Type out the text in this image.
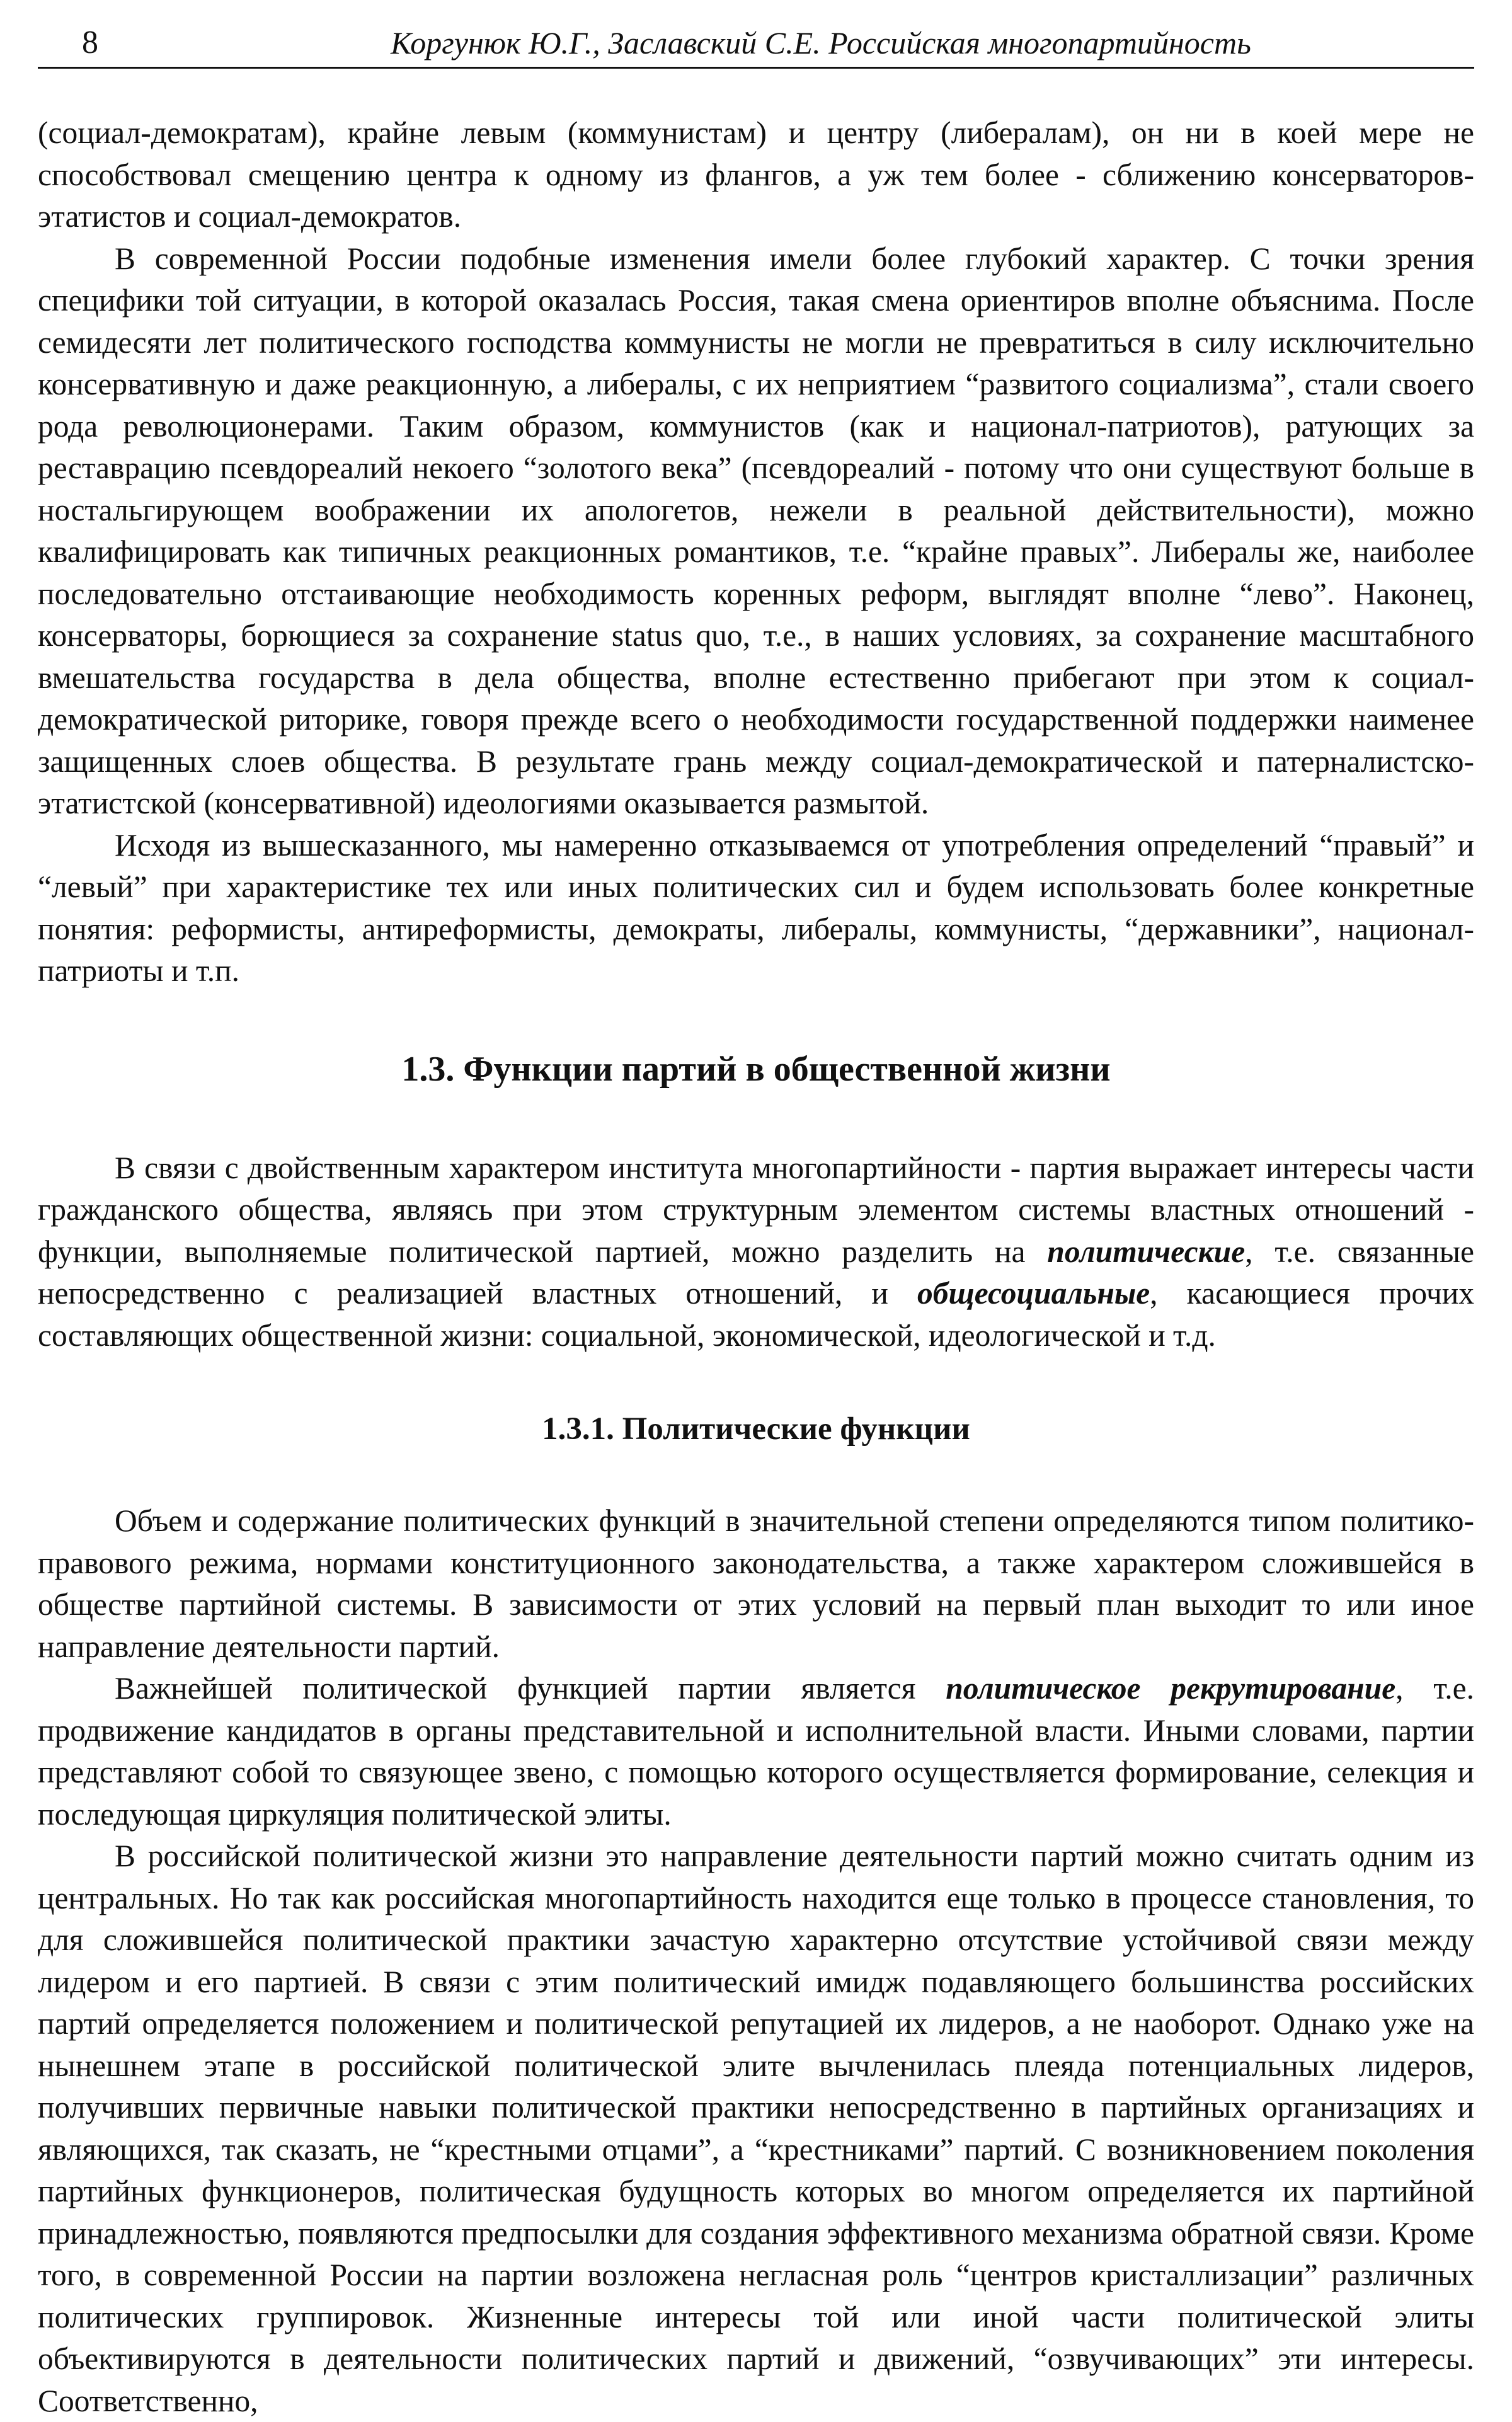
8	Коргунюк Ю.Г., Заславский С.Е. Российская многопартийность

(социал-демократам), крайне левым (коммунистам) и центру (либералам), он ни в коей мере не способствовал смещению центра к одному из флангов, а уж тем более - сближению консерваторов-этатистов и социал-демократов.

В современной России подобные изменения имели более глубокий характер. С точки зрения специфики той ситуации, в которой оказалась Россия, такая смена ориентиров вполне объяснима. После семидесяти лет политического господства коммунисты не могли не превратиться в силу исключительно консервативную и даже реакционную, а либералы, с их неприятием “развитого социализма”, стали своего рода революционерами. Таким образом, коммунистов (как и национал-патриотов), ратующих за реставрацию псевдореалий некоего “золотого века” (псевдореалий - потому что они существуют больше в ностальгирующем воображении их апологетов, нежели в реальной действительности), можно квалифицировать как типичных реакционных романтиков, т.е. “крайне правых”. Либералы же, наиболее последовательно отстаивающие необходимость коренных реформ, выглядят вполне “лево”. Наконец, консерваторы, борющиеся за сохранение status quo, т.е., в наших условиях, за сохранение масштабного вмешательства государства в дела общества, вполне естественно прибегают при этом к социал-демократической риторике, говоря прежде всего о необходимости государственной поддержки наименее защищенных слоев общества. В результате грань между социал-демократической и патерналистско-этатистской (консервативной) идеологиями оказывается размытой.

Исходя из вышесказанного, мы намеренно отказываемся от употребления определений “правый” и “левый” при характеристике тех или иных политических сил и будем использовать более конкретные понятия: реформисты, антиреформисты, демократы, либералы, коммунисты, “державники”, национал-патриоты и т.п.

1.3. Функции партий в общественной жизни

В связи с двойственным характером института многопартийности - партия выражает интересы части гражданского общества, являясь при этом структурным элементом системы властных отношений - функции, выполняемые политической партией, можно разделить на политические, т.е. связанные непосредственно с реализацией властных отношений, и общесоциальные, касающиеся прочих составляющих общественной жизни: социальной, экономической, идеологической и т.д.

1.3.1. Политические функции

Объем и содержание политических функций в значительной степени определяются типом политико-правового режима, нормами конституционного законодательства, а также характером сложившейся в обществе партийной системы. В зависимости от этих условий на первый план выходит то или иное направление деятельности партий.

Важнейшей политической функцией партии является политическое рекрутирование, т.е. продвижение кандидатов в органы представительной и исполнительной власти. Иными словами, партии представляют собой то связующее звено, с помощью которого осуществляется формирование, селекция и последующая циркуляция политической элиты.

В российской политической жизни это направление деятельности партий можно считать одним из центральных. Но так как российская многопартийность находится еще только в процессе становления, то для сложившейся политической практики зачастую характерно отсутствие устойчивой связи между лидером и его партией. В связи с этим политический имидж подавляющего большинства российских партий определяется положением и политической репутацией их лидеров, а не наоборот. Однако уже на нынешнем этапе в российской политической элите вычленилась плеяда потенциальных лидеров, получивших первичные навыки политической практики непосредственно в партийных организациях и являющихся, так сказать, не “крестными отцами”, а “крестниками” партий. С возникновением поколения партийных функционеров, политическая будущность которых во многом определяется их партийной принадлежностью, появляются предпосылки для создания эффективного механизма обратной связи. Кроме того, в современной России на партии возложена негласная роль “центров кристаллизации” различных политических группировок. Жизненные интересы той или иной части политической элиты объективируются в деятельности политических партий и движений, “озвучивающих” эти интересы. Соответственно,
